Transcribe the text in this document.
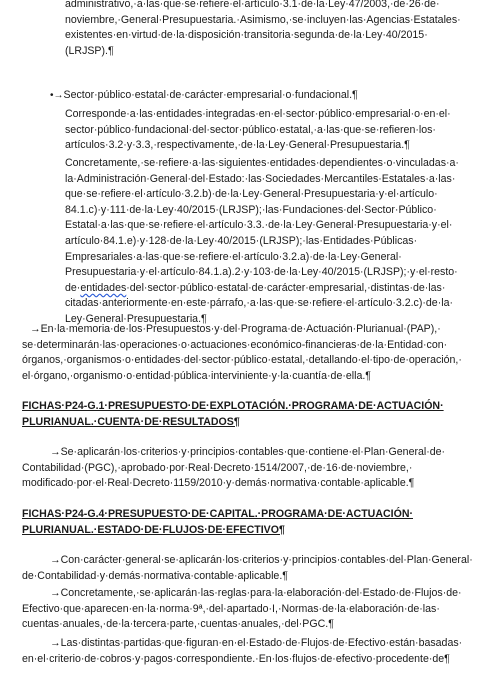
administrativo,·a·las·que·se·refiere·el·artículo·3.1·de·la·Ley·47/2003,·de·26·de·
noviembre,·General·Presupuestaria.·Asimismo,·se·incluyen·las·Agencias·Estatales·
existentes·en·virtud·de·la·disposición·transitoria·segunda·de·la·Ley·40/2015·
(LRJSP).¶
•→Sector·público·estatal·de·carácter·empresarial·o·fundacional.¶
Corresponde·a·las·entidades·integradas·en·el·sector·público·empresarial·o·en·el·
sector·público·fundacional·del·sector·público·estatal,·a·las·que·se·refieren·los·
artículos·3.2·y·3.3,·respectivamente,·de·la·Ley·General·Presupuestaria.¶
Concretamente,·se·refiere·a·las·siguientes·entidades·dependientes·o·vinculadas·a·
la·Administración·General·del·Estado:·las·Sociedades·Mercantiles·Estatales·a·las·
que·se·refiere·el·artículo·3.2.b)·de·la·Ley·General·Presupuestaria·y·el·artículo·
84.1.c)·y·111·de·la·Ley·40/2015·(LRJSP);·las·Fundaciones·del·Sector·Público·
Estatal·a·las·que·se·refiere·el·artículo·3.3.·de·la·Ley·General·Presupuestaria·y·el·
artículo·84.1.e)·y·128·de·la·Ley·40/2015·(LRJSP);·las·Entidades·Públicas·
Empresariales·a·las·que·se·refiere·el·artículo·3.2.a)·de·la·Ley·General·
Presupuestaria·y·el·artículo·84.1.a).2·y·103·de·la·Ley·40/2015·(LRJSP);·y·el·resto·
de·entidades·del·sector·público·estatal·de·carácter·empresarial,·distintas·de·las·
citadas·anteriormente·en·este·párrafo,·a·las·que·se·refiere·el·artículo·3.2.c)·de·la·
Ley·General·Presupuestaria.¶
→En·la·memoria·de·los·Presupuestos·y·del·Programa·de·Actuación·Plurianual·(PAP),·
se·determinarán·las·operaciones·o·actuaciones·económico-financieras·de·la·Entidad·con·
órganos,·organismos·o·entidades·del·sector·público·estatal,·detallando·el·tipo·de·operación,·
el·órgano,·organismo·o·entidad·pública·interviniente·y·la·cuantía·de·ella.¶
FICHAS·P24-G.1·PRESUPUESTO·DE·EXPLOTACIÓN.·PROGRAMA·DE·ACTUACIÓN·
PLURIANUAL.·CUENTA·DE·RESULTADOS¶
→Se·aplicarán·los·criterios·y·principios·contables·que·contiene·el·Plan·General·de·
Contabilidad·(PGC),·aprobado·por·Real·Decreto·1514/2007,·de·16·de·noviembre,·
modificado·por·el·Real·Decreto·1159/2010·y·demás·normativa·contable·aplicable.¶
FICHAS·P24-G.4·PRESUPUESTO·DE·CAPITAL.·PROGRAMA·DE·ACTUACIÓN·
PLURIANUAL.·ESTADO·DE·FLUJOS·DE·EFECTIVO¶
→Con·carácter·general·se·aplicarán·los·criterios·y·principios·contables·del·Plan·General·
de·Contabilidad·y·demás·normativa·contable·aplicable.¶
→Concretamente,·se·aplicarán·las·reglas·para·la·elaboración·del·Estado·de·Flujos·de·
Efectivo·que·aparecen·en·la·norma·9ª,·del·apartado·I,·Normas·de·la·elaboración·de·las·
cuentas·anuales,·de·la·tercera·parte,·cuentas·anuales,·del·PGC.¶
→Las·distintas·partidas·que·figuran·en·el·Estado·de·Flujos·de·Efectivo·están·basadas·
en·el·criterio·de·cobros·y·pagos·correspondiente.·En·los·flujos·de·efectivo·procedente·de¶
